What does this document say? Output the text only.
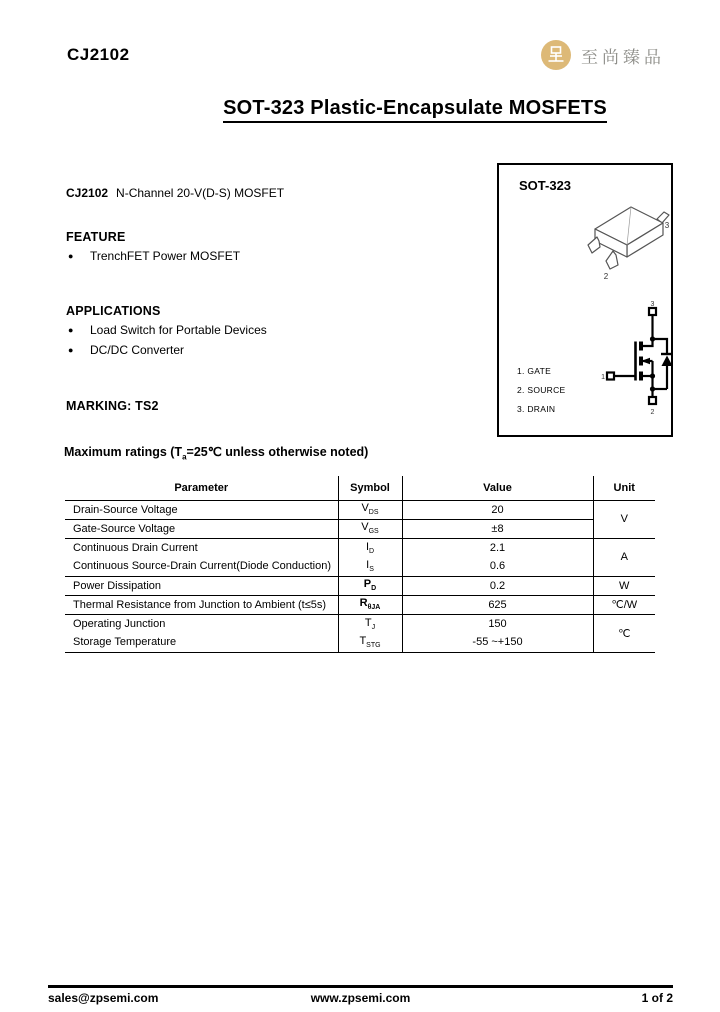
CJ2102	至尚臻品
SOT-323 Plastic-Encapsulate MOSFETS
CJ2102 N-Channel 20-V(D-S) MOSFET
FEATURE
●	TrenchFET Power MOSFET
APPLICATIONS
●	Load Switch for Portable Devices
●	DC/DC Converter
MARKING: TS2
SOT-323
3
2
3
1
2
1. GATE
2. SOURCE
3. DRAIN
Maximum ratings ($T_a=25℃$ unless otherwise noted)
Parameter	Symbol	Value	Unit
Drain-Source Voltage	$V_{DS}$	20	V
Gate-Source Voltage	$V_{GS}$	±8	
Continuous Drain Current	$I_D$	2.1	A
Continuous Source-Drain Current(Diode Conduction)	$I_S$	0.6	
Power Dissipation	$P_D$	0.2	W
Thermal Resistance from Junction to Ambient (t≤5s)	$R_{\theta JA}$	625	℃/W
Operating Junction	$T_J$	150	℃
Storage Temperature	$T_{STG}$	-55 ~+150	
www.zpsemi.com
sales@zpsemi.com	1 of 2
